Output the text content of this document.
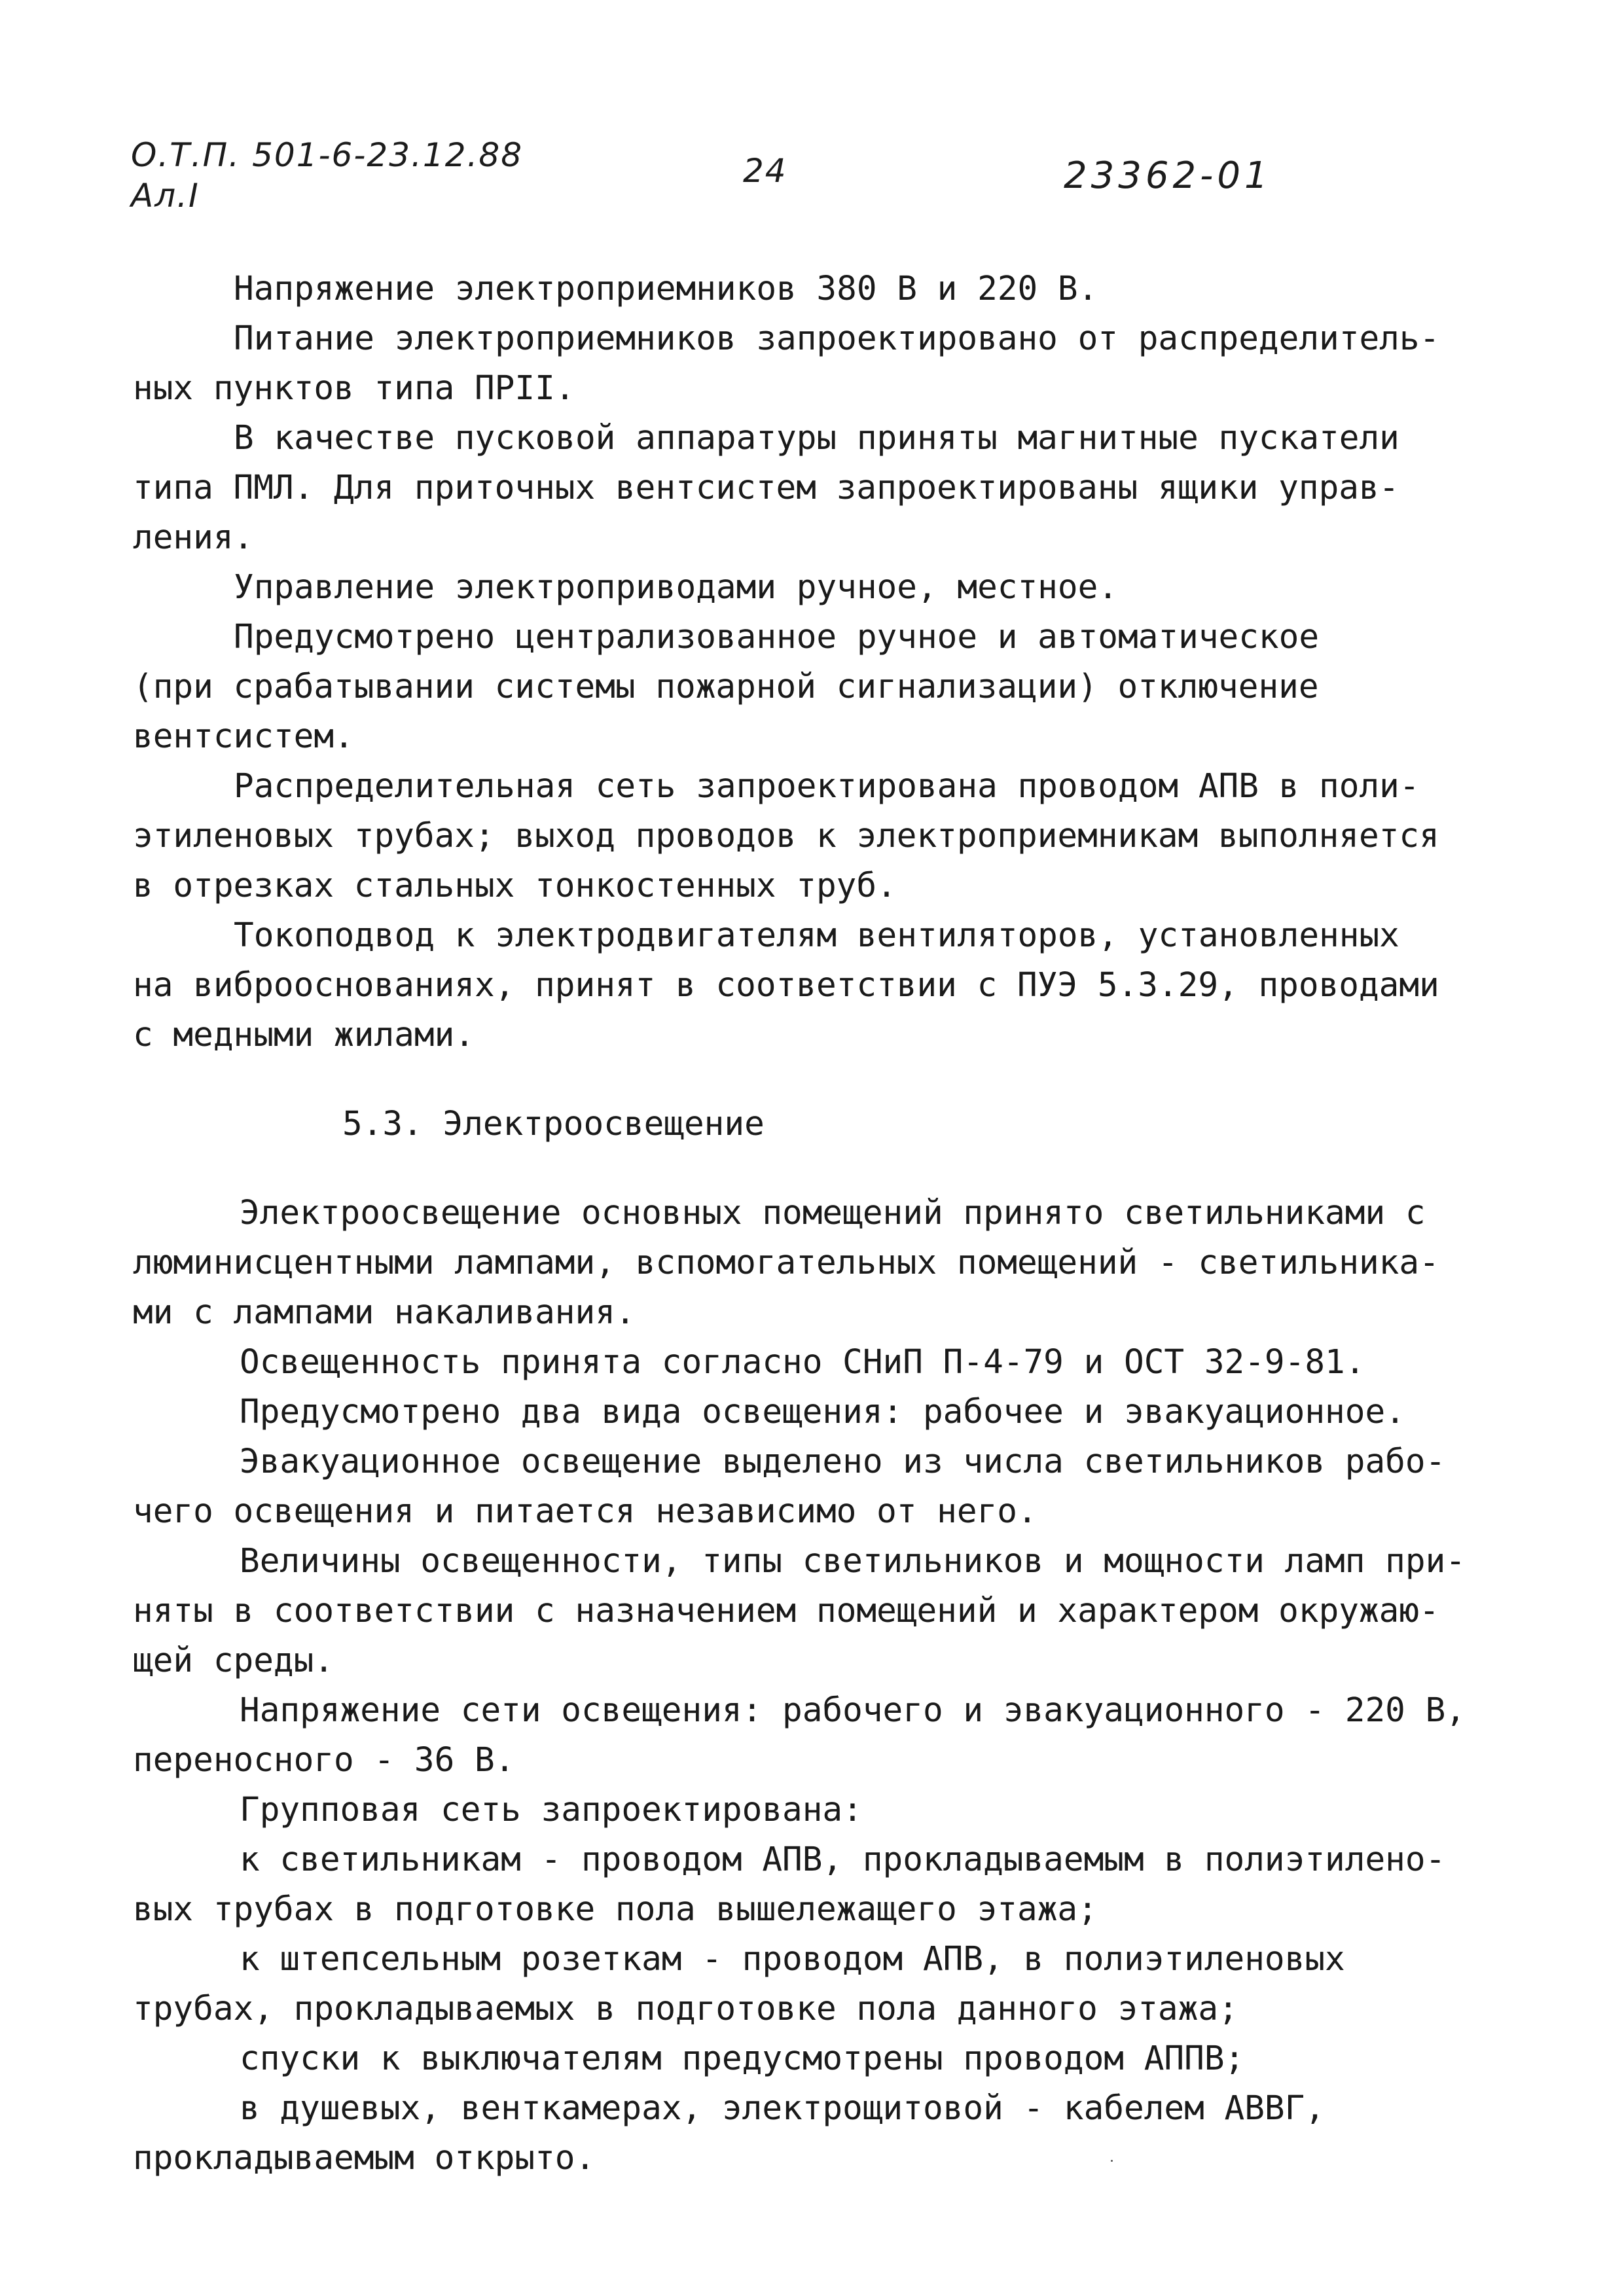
О.Т.П. 501-6-23.12.88
Ал.I
24	23362-01
Напряжение электроприемников 380 В и 220 В.
Питание электроприемников запроектировано от распределитель-
ных пунктов типа ПРII.
В качестве пусковой аппаратуры приняты магнитные пускатели
типа ПМЛ. Для приточных вентсистем запроектированы ящики управ-
ления.
Управление электроприводами ручное, местное.
Предусмотрено централизованное ручное и автоматическое
(при срабатывании системы пожарной сигнализации) отключение
вентсистем.
Распределительная сеть запроектирована проводом АПВ в поли-
этиленовых трубах; выход проводов к электроприемникам выполняется
в отрезках стальных тонкостенных труб.
Токоподвод к электродвигателям вентиляторов, установленных
на виброоснованиях, принят в соответствии с ПУЭ 5.3.29, проводами
с медными жилами.
5.3. Электроосвещение
Электроосвещение основных помещений принято светильниками с
люминисцентными лампами, вспомогательных помещений - светильника-
ми с лампами накаливания.
Освещенность принята согласно СНиП П-4-79 и ОСТ 32-9-81.
Предусмотрено два вида освещения: рабочее и эвакуационное.
Эвакуационное освещение выделено из числа светильников рабо-
чего освещения и питается независимо от него.
Величины освещенности, типы светильников и мощности ламп при-
няты в соответствии с назначением помещений и характером окружаю-
щей среды.
Напряжение сети освещения: рабочего и эвакуационного - 220 В,
переносного - 36 В.
Групповая сеть запроектирована:
к светильникам - проводом АПВ, прокладываемым в полиэтилено-
вых трубах в подготовке пола вышележащего этажа;
к штепсельным розеткам - проводом АПВ, в полиэтиленовых
трубах, прокладываемых в подготовке пола данного этажа;
спуски к выключателям предусмотрены проводом АППВ;
в душевых, венткамерах, электрощитовой - кабелем АВВГ,
прокладываемым открыто.
